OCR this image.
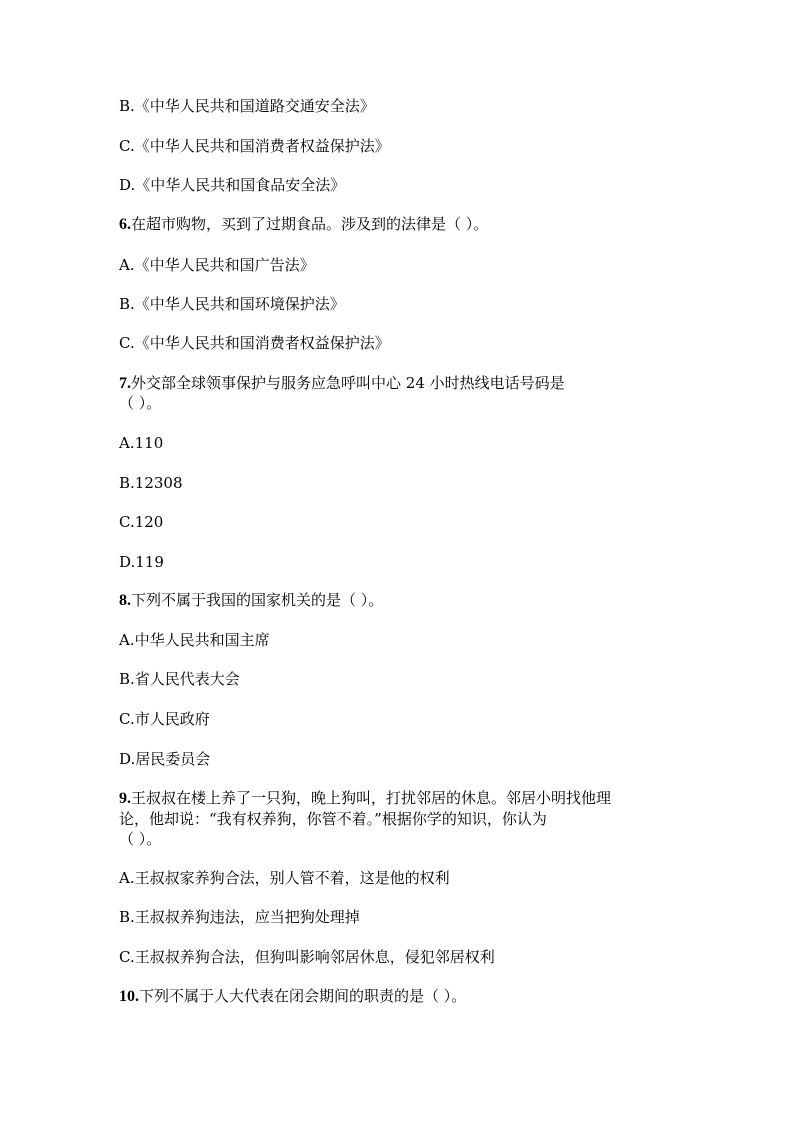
B.《中华人民共和国道路交通安全法》
C.《中华人民共和国消费者权益保护法》
D.《中华人民共和国食品安全法》
6.在超市购物，买到了过期食品。涉及到的法律是（ ）。
A.《中华人民共和国广告法》
B.《中华人民共和国环境保护法》
C.《中华人民共和国消费者权益保护法》
7.外交部全球领事保护与服务应急呼叫中心 24 小时热线电话号码是
（ ）。
A.110
B.12308
C.120
D.119
8.下列不属于我国的国家机关的是（ ）。
A.中华人民共和国主席
B.省人民代表大会
C.市人民政府
D.居民委员会
9.王叔叔在楼上养了一只狗，晚上狗叫，打扰邻居的休息。邻居小明找他理
论，他却说：“我有权养狗，你管不着。”根据你学的知识，你认为
（ ）。
A.王叔叔家养狗合法，别人管不着，这是他的权利
B.王叔叔养狗违法，应当把狗处理掉
C.王叔叔养狗合法，但狗叫影响邻居休息，侵犯邻居权利
10.下列不属于人大代表在闭会期间的职责的是（ ）。
